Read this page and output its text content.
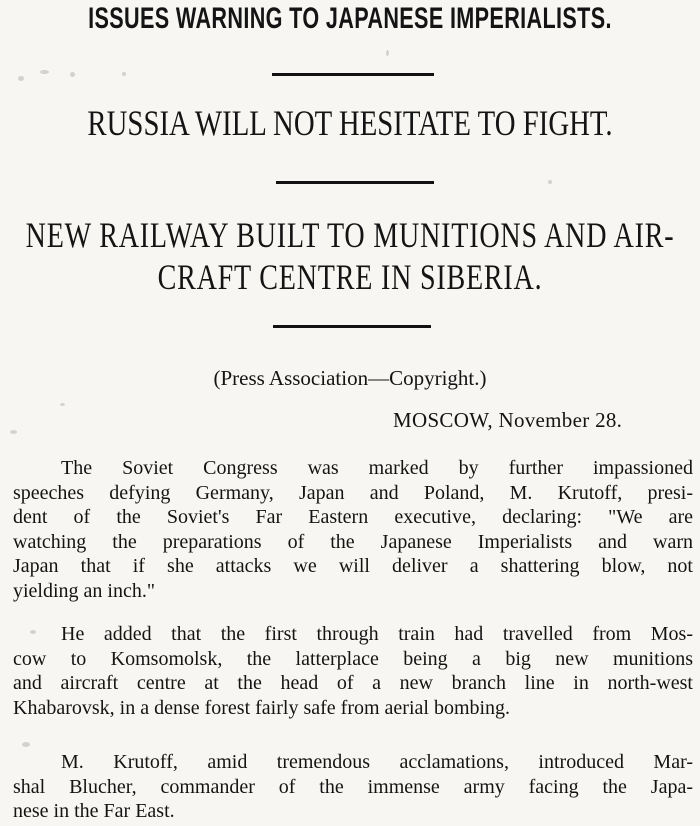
ISSUES WARNING TO JAPANESE IMPERIALISTS.
RUSSIA WILL NOT HESITATE TO FIGHT.
NEW RAILWAY BUILT TO MUNITIONS AND AIR-
CRAFT CENTRE IN SIBERIA.

(Press Association—Copyright.)

MOSCOW, November 28.

The Soviet Congress was marked by further impassioned
speeches defying Germany, Japan and Poland, M. Krutoff, presi-
dent of the Soviet's Far Eastern executive, declaring: "We are
watching the preparations of the Japanese Imperialists and warn
Japan that if she attacks we will deliver a shattering blow, not
yielding an inch."
He added that the first through train had travelled from Mos-
cow to Komsomolsk, the latterplace being a big new munitions
and aircraft centre at the head of a new branch line in north-west
Khabarovsk, in a dense forest fairly safe from aerial bombing.
M. Krutoff, amid tremendous acclamations, introduced Mar-
shal Blucher, commander of the immense army facing the Japa-
nese in the Far East.
